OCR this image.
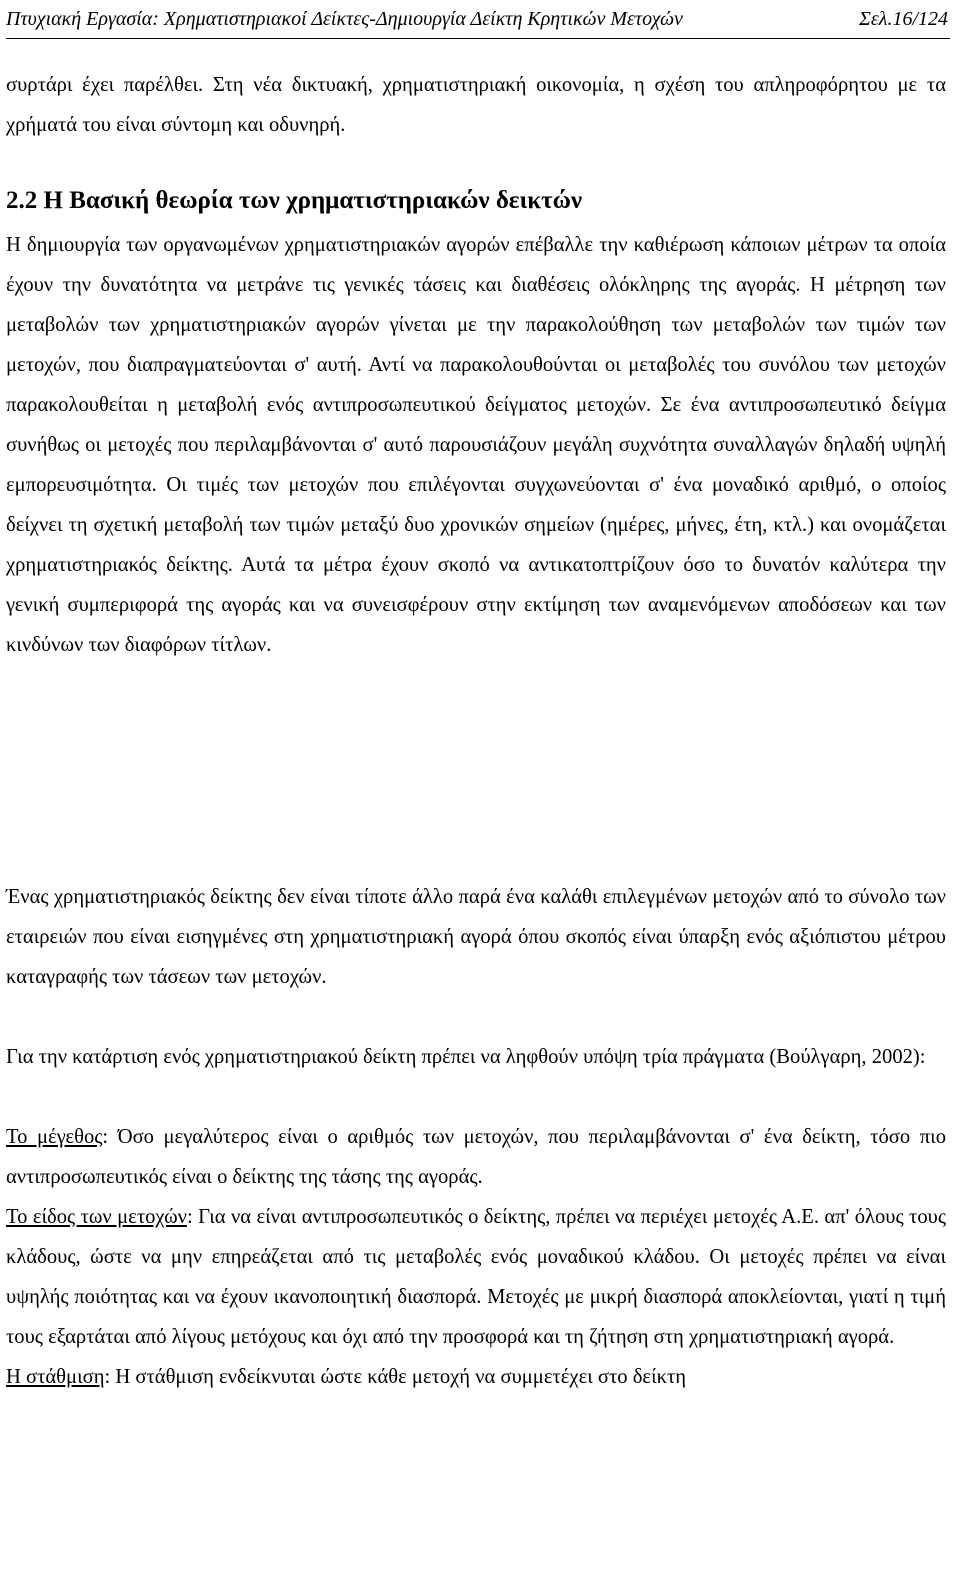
Πτυχιακή Εργασία: Χρηματιστηριακοί Δείκτες-Δημιουργία Δείκτη Κρητικών Μετοχών	Σελ.16/124

συρτάρι έχει παρέλθει. Στη νέα δικτυακή, χρηματιστηριακή οικονομία, η σχέση του απληροφόρητου με τα χρήματά του είναι σύντομη και οδυνηρή.

2.2 Η Βασική θεωρία των χρηματιστηριακών δεικτών

Η δημιουργία των οργανωμένων χρηματιστηριακών αγορών επέβαλλε την καθιέρωση κάποιων μέτρων τα οποία έχουν την δυνατότητα να μετράνε τις γενικές τάσεις και διαθέσεις ολόκληρης της αγοράς. Η μέτρηση των μεταβολών των χρηματιστηριακών αγορών γίνεται με την παρακολούθηση των μεταβολών των τιμών των μετοχών, που διαπραγματεύονται σ' αυτή. Αντί να παρακολουθούνται οι μεταβολές του συνόλου των μετοχών παρακολουθείται η μεταβολή ενός αντιπροσωπευτικού δείγματος μετοχών. Σε ένα αντιπροσωπευτικό δείγμα συνήθως οι μετοχές που περιλαμβάνονται σ' αυτό παρουσιάζουν μεγάλη συχνότητα συναλλαγών δηλαδή υψηλή εμπορευσιμότητα. Οι τιμές των μετοχών που επιλέγονται συγχωνεύονται σ' ένα μοναδικό αριθμό, ο οποίος δείχνει τη σχετική μεταβολή των τιμών μεταξύ δυο χρονικών σημείων (ημέρες, μήνες, έτη, κτλ.) και ονομάζεται χρηματιστηριακός δείκτης. Αυτά τα μέτρα έχουν σκοπό να αντικατοπτρίζουν όσο το δυνατόν καλύτερα την γενική συμπεριφορά της αγοράς και να συνεισφέρουν στην εκτίμηση των αναμενόμενων αποδόσεων και των κινδύνων των διαφόρων τίτλων.

Ένας χρηματιστηριακός δείκτης δεν είναι τίποτε άλλο παρά ένα καλάθι επιλεγμένων μετοχών από το σύνολο των εταιρειών που είναι εισηγμένες στη χρηματιστηριακή αγορά όπου σκοπός είναι ύπαρξη ενός αξιόπιστου μέτρου καταγραφής των τάσεων των μετοχών.

Για την κατάρτιση ενός χρηματιστηριακού δείκτη πρέπει να ληφθούν υπόψη τρία πράγματα (Βούλγαρη, 2002):

Το μέγεθος: Όσο μεγαλύτερος είναι ο αριθμός των μετοχών, που περιλαμβάνονται σ' ένα δείκτη, τόσο πιο αντιπροσωπευτικός είναι ο δείκτης της τάσης της αγοράς.

Το είδος των μετοχών: Για να είναι αντιπροσωπευτικός ο δείκτης, πρέπει να περιέχει μετοχές Α.Ε. απ' όλους τους κλάδους, ώστε να μην επηρεάζεται από τις μεταβολές ενός μοναδικού κλάδου. Οι μετοχές πρέπει να είναι υψηλής ποιότητας και να έχουν ικανοποιητική διασπορά. Μετοχές με μικρή διασπορά αποκλείονται, γιατί η τιμή τους εξαρτάται από λίγους μετόχους και όχι από την προσφορά και τη ζήτηση στη χρηματιστηριακή αγορά.

Η στάθμιση: Η στάθμιση ενδείκνυται ώστε κάθε μετοχή να συμμετέχει στο δείκτη
